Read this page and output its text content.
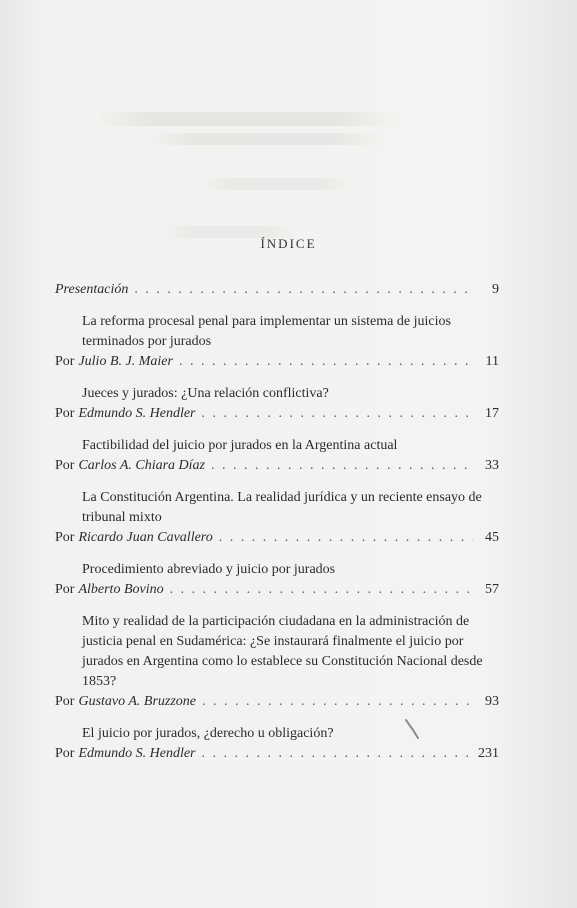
ÍNDICE
Presentación . . .	9
La reforma procesal penal para implementar un sistema de juicios terminados por jurados
Por Julio B. J. Maier . . .	11
Jueces y jurados: ¿Una relación conflictiva?
Por Edmundo S. Hendler . . .	17
Factibilidad del juicio por jurados en la Argentina actual
Por Carlos A. Chiara Díaz . . .	33
La Constitución Argentina. La realidad jurídica y un reciente ensayo de tribunal mixto
Por Ricardo Juan Cavallero . . .	45
Procedimiento abreviado y juicio por jurados
Por Alberto Bovino . . .	57
Mito y realidad de la participación ciudadana en la administración de justicia penal en Sudamérica: ¿Se instaurará finalmente el juicio por jurados en Argentina como lo establece su Constitución Nacional desde 1853?
Por Gustavo A. Bruzzone . . .	93
El juicio por jurados, ¿derecho u obligación?
Por Edmundo S. Hendler . . .	231
